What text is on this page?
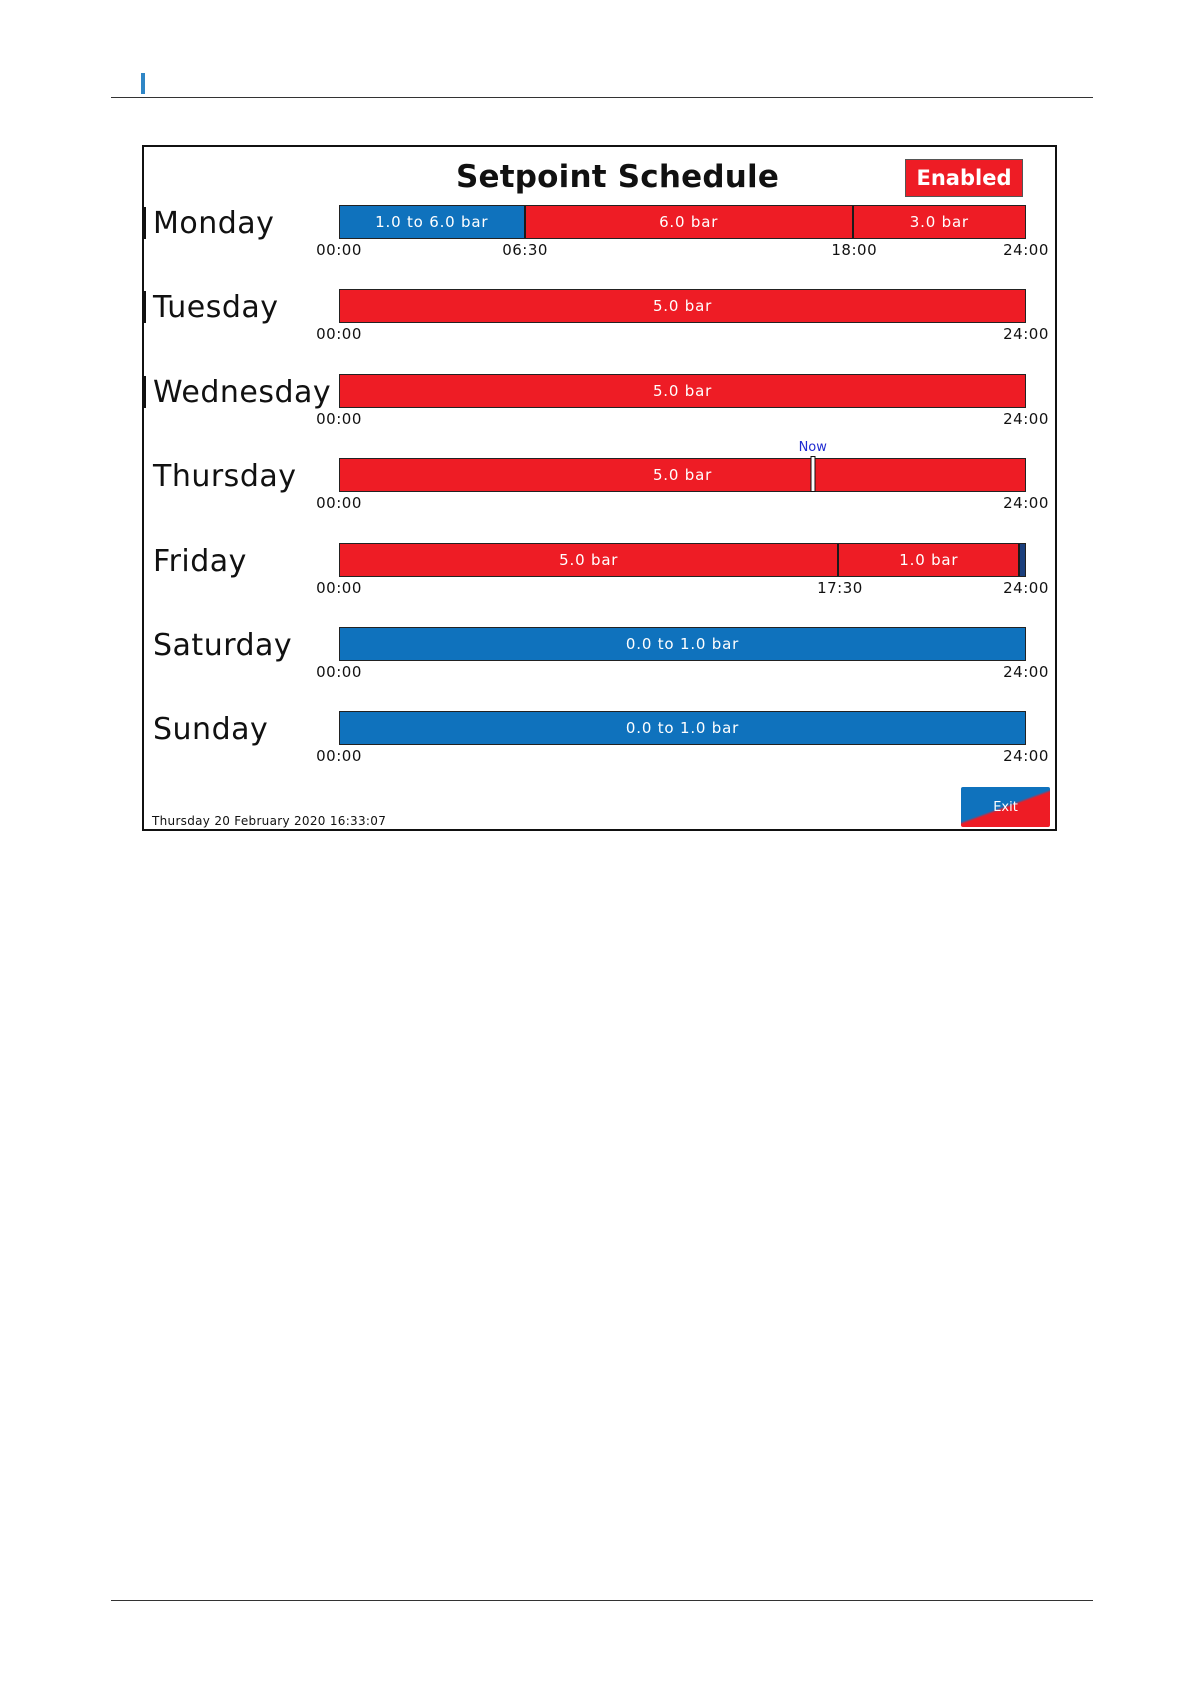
Setpoint Schedule	Enabled
Monday	1.0 to 6.0 bar	6.0 bar	3.0 bar
00:00	06:30	18:00	24:00
Tuesday	5.0 bar
00:00	24:00
Wednesday	5.0 bar
00:00	24:00
Thursday	5.0 bar
00:00	24:00
Now
Friday	5.0 bar	1.0 bar
00:00	17:30	24:00
Saturday	0.0 to 1.0 bar
00:00	24:00
Sunday	0.0 to 1.0 bar
00:00	24:00
Thursday 20 February 2020 16:33:07
Exit
